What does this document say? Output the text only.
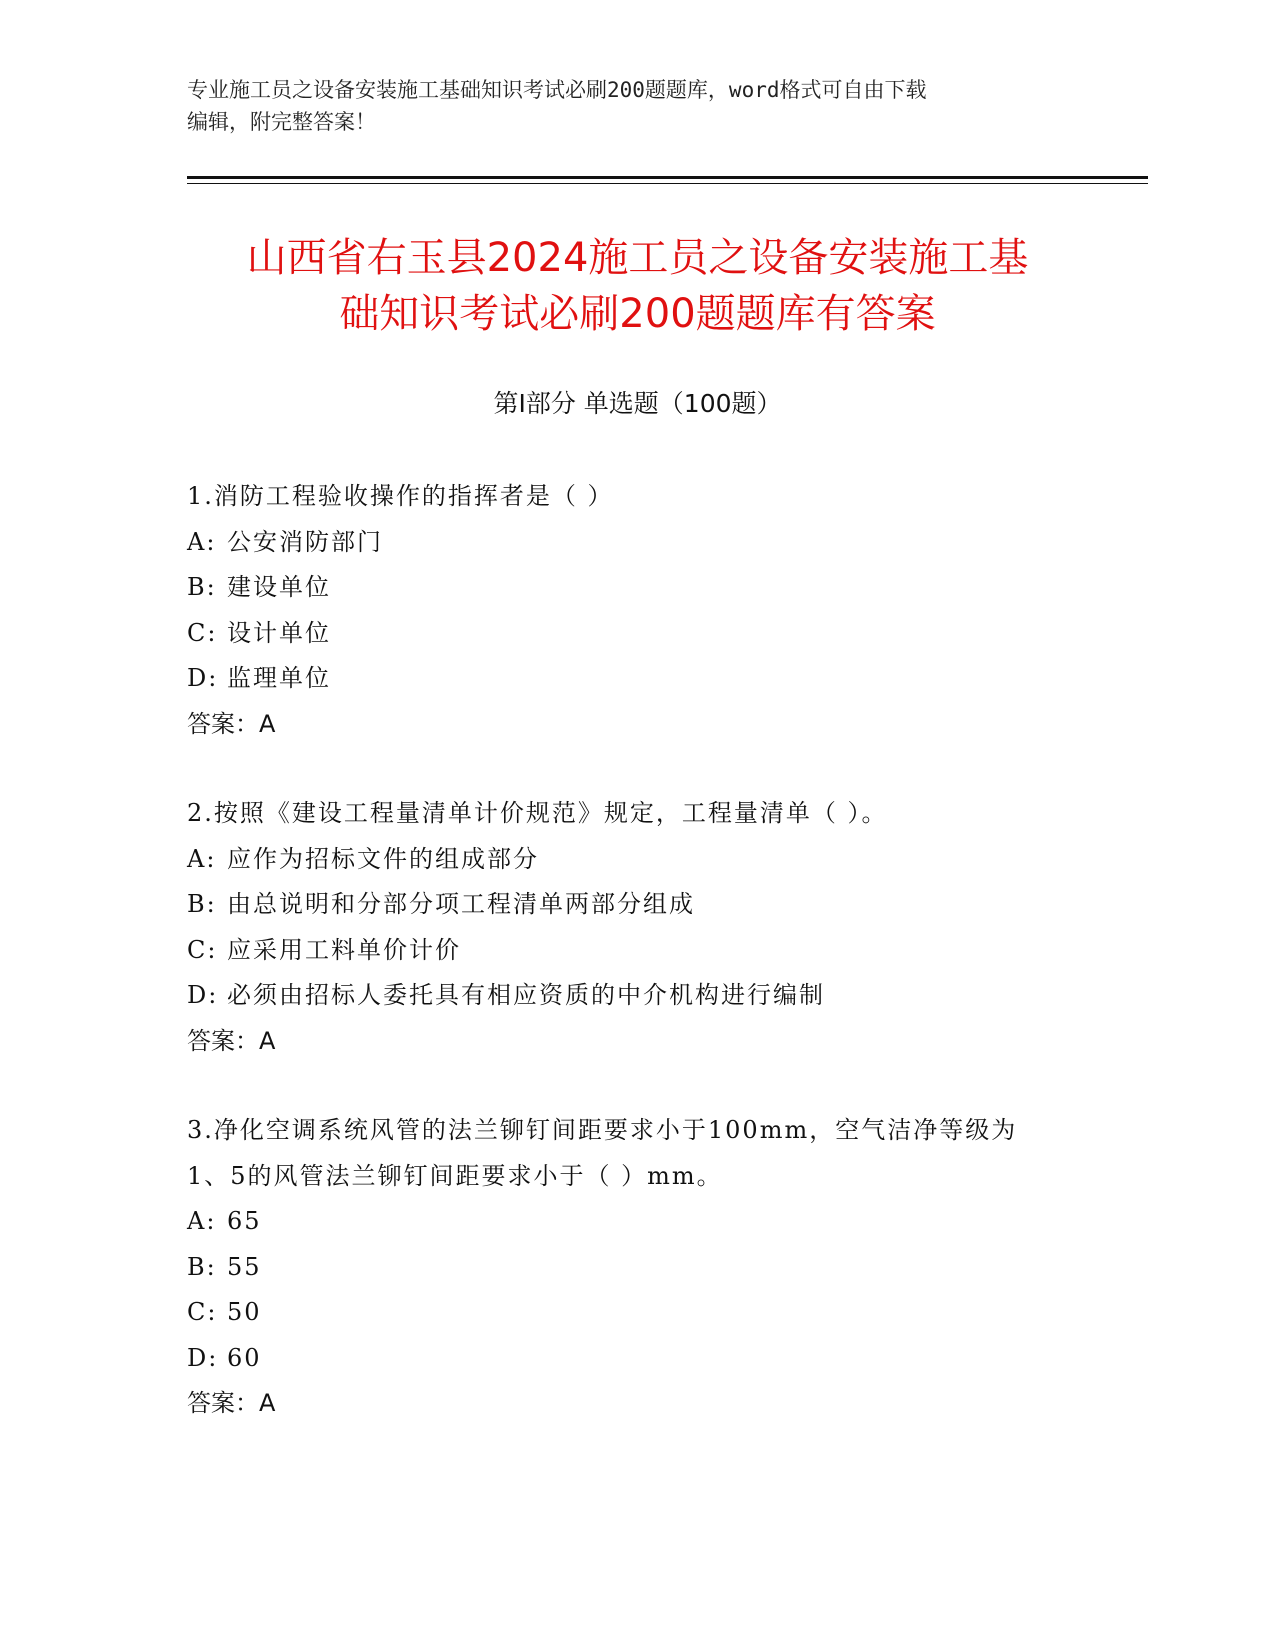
专业施工员之设备安装施工基础知识考试必刷200题题库，word格式可自由下载
编辑，附完整答案！
山西省右玉县2024施工员之设备安装施工基
础知识考试必刷200题题库有答案
第Ⅰ部分 单选题（100题）
1.消防工程验收操作的指挥者是（ ）
A: 公安消防部门
B: 建设单位
C: 设计单位
D: 监理单位
答案：A
2.按照《建设工程量清单计价规范》规定，工程量清单（ ）。
A: 应作为招标文件的组成部分
B: 由总说明和分部分项工程清单两部分组成
C: 应采用工料单价计价
D: 必须由招标人委托具有相应资质的中介机构进行编制
答案：A
3.净化空调系统风管的法兰铆钉间距要求小于100mm，空气洁净等级为
1、5的风管法兰铆钉间距要求小于（ ）mm。
A: 65
B: 55
C: 50
D: 60
答案：A
